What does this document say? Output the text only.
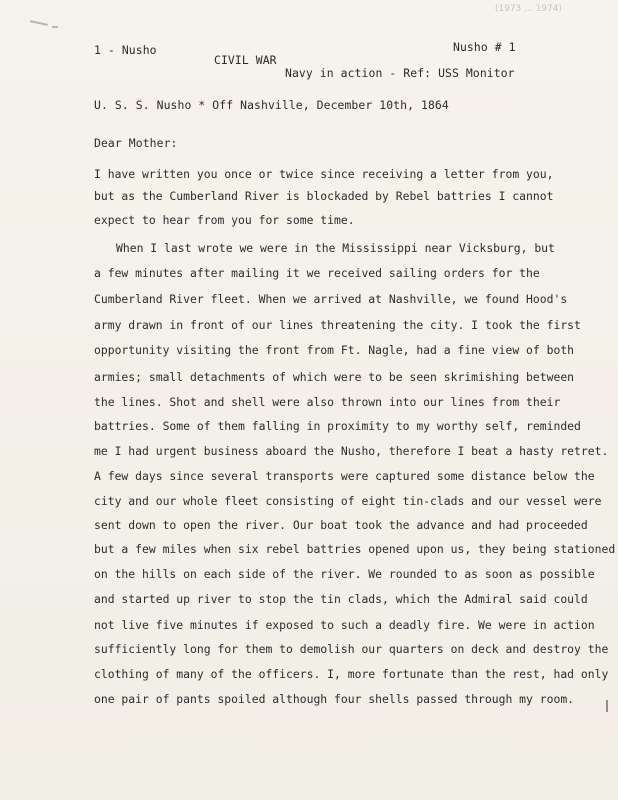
(1973 ... 1974)
1 - Nusho	Nusho # 1
CIVIL WAR
Navy in action - Ref: USS Monitor
U. S. S. Nusho * Off Nashville, December 10th, 1864
Dear Mother:
I have written you once or twice since receiving a letter from you,
but as the Cumberland River is blockaded by Rebel battries I cannot
expect to hear from you for some time.
When I last wrote we were in the Mississippi near Vicksburg, but
a few minutes after mailing it we received sailing orders for the
Cumberland River fleet. When we arrived at Nashville, we found Hood's
army drawn in front of our lines threatening the city. I took the first
opportunity visiting the front from Ft. Nagle, had a fine view of both
armies; small detachments of which were to be seen skrimishing between
the lines. Shot and shell were also thrown into our lines from their
battries. Some of them falling in proximity to my worthy self, reminded
me I had urgent business aboard the Nusho, therefore I beat a hasty retret.
A few days since several transports were captured some distance below the
city and our whole fleet consisting of eight tin-clads and our vessel were
sent down to open the river. Our boat took the advance and had proceeded
but a few miles when six rebel battries opened upon us, they being stationed
on the hills on each side of the river. We rounded to as soon as possible
and started up river to stop the tin clads, which the Admiral said could
not live five minutes if exposed to such a deadly fire. We were in action
sufficiently long for them to demolish our quarters on deck and destroy the
clothing of many of the officers. I, more fortunate than the rest, had only
one pair of pants spoiled although four shells passed through my room.
